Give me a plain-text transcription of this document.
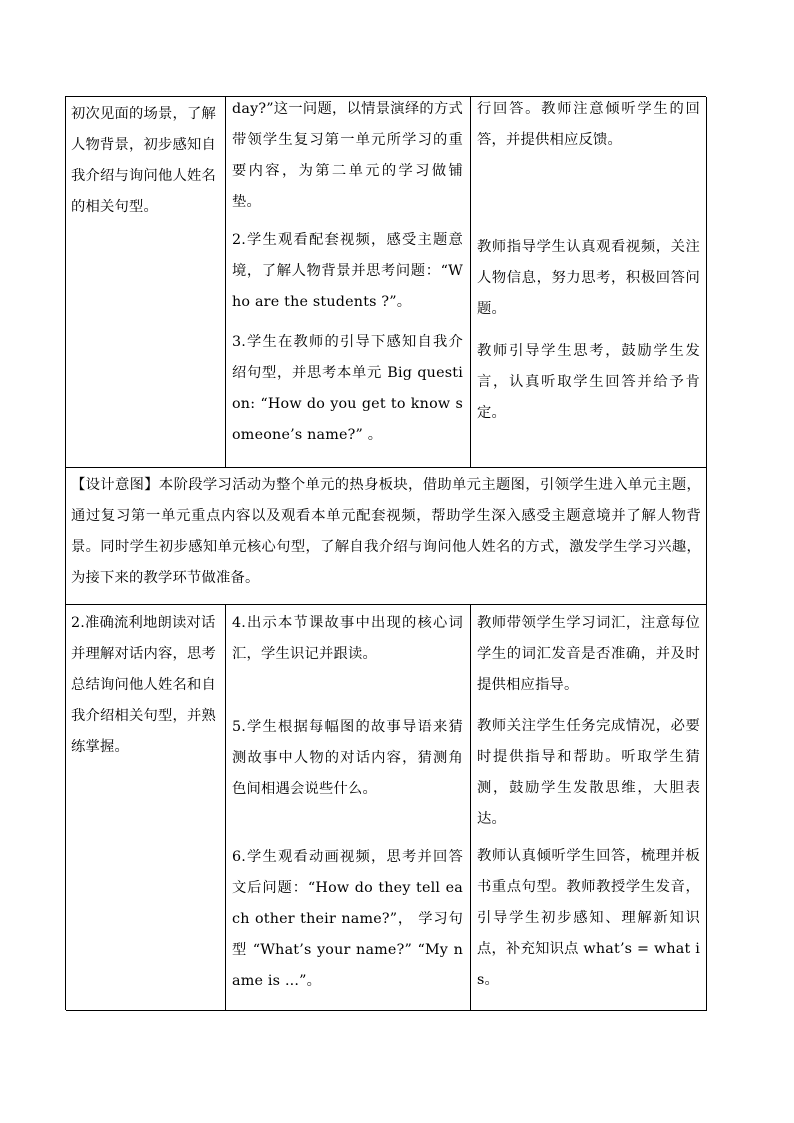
初次见面的场景，了解人物背景，初步感知自我介绍与询问他人姓名的相关句型。
day?”这一问题，以情景演绎的方式带领学生复习第一单元所学习的重要内容，为第二单元的学习做铺垫。
2.学生观看配套视频，感受主题意境，了解人物背景并思考问题：“Who are the students ?”。
3.学生在教师的引导下感知自我介绍句型，并思考本单元 Big question: “How do you get to know someone’s name?” 。
行回答。教师注意倾听学生的回答，并提供相应反馈。
教师指导学生认真观看视频，关注人物信息，努力思考，积极回答问题。
教师引导学生思考，鼓励学生发言，认真听取学生回答并给予肯定。
【设计意图】本阶段学习活动为整个单元的热身板块，借助单元主题图，引领学生进入单元主题，通过复习第一单元重点内容以及观看本单元配套视频，帮助学生深入感受主题意境并了解人物背景。同时学生初步感知单元核心句型，了解自我介绍与询问他人姓名的方式，激发学生学习兴趣，为接下来的教学环节做准备。
2.准确流利地朗读对话并理解对话内容，思考总结询问他人姓名和自我介绍相关句型，并熟练掌握。
4.出示本节课故事中出现的核心词汇，学生识记并跟读。
5.学生根据每幅图的故事导语来猜测故事中人物的对话内容，猜测角色间相遇会说些什么。
6.学生观看动画视频，思考并回答文后问题：“How do they tell each other their name?”， 学习句型 “What’s your name?” “My name is ...”。
教师带领学生学习词汇，注意每位学生的词汇发音是否准确，并及时提供相应指导。
教师关注学生任务完成情况，必要时提供指导和帮助。听取学生猜测，鼓励学生发散思维，大胆表达。
教师认真倾听学生回答，梳理并板书重点句型。教师教授学生发音， 引导学生初步感知、理解新知识点，补充知识点 what’s = what is。
